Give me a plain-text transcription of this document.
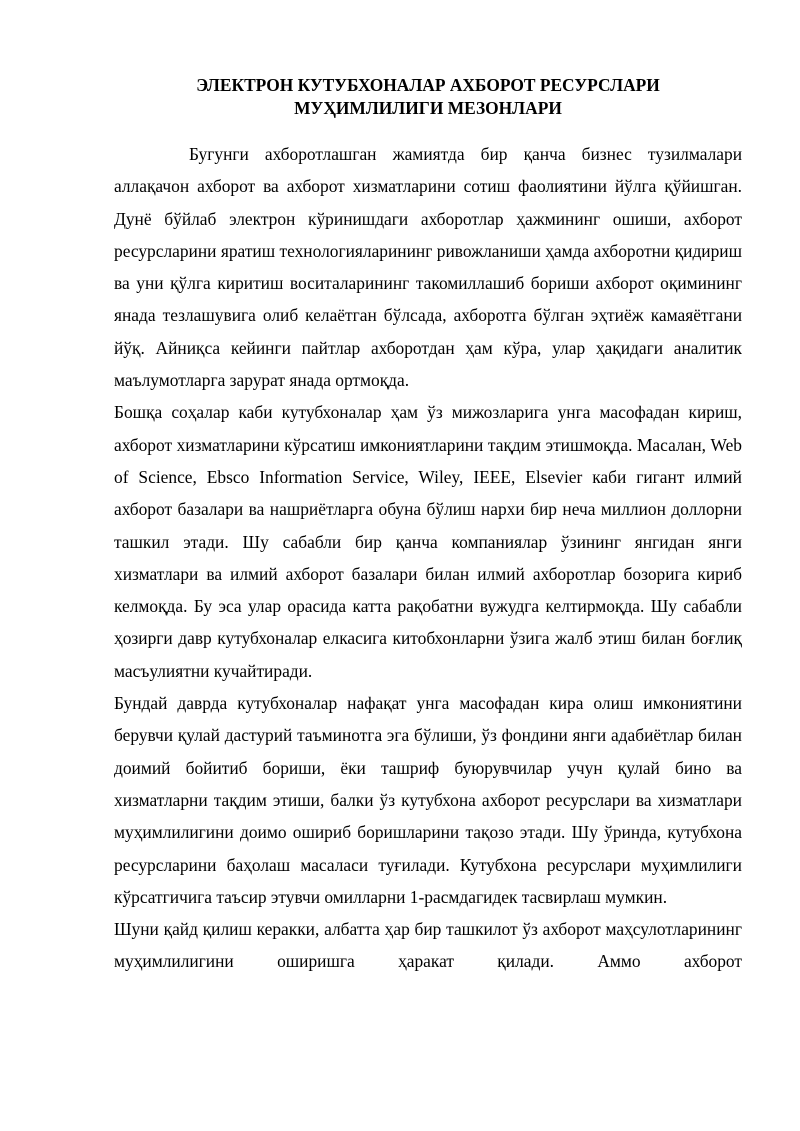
ЭЛЕКТРОН КУТУБХОНАЛАР АХБОРОТ РЕСУРСЛАРИ
МУҲИМЛИЛИГИ МЕЗОНЛАРИ

Бугунги ахборотлашган жамиятда бир қанча бизнес тузилмалари аллақачон ахборот ва ахборот хизматларини сотиш фаолиятини йўлга қўйишган. Дунё бўйлаб электрон кўринишдаги ахборотлар ҳажмининг ошиши, ахборот ресурсларини яратиш технологияларининг ривожланиши ҳамда ахборотни қидириш ва уни қўлга киритиш воситаларининг такомиллашиб бориши ахборот оқимининг янада тезлашувига олиб келаётган бўлсада, ахборотга бўлган эҳтиёж камаяётгани йўқ. Айниқса кейинги пайтлар ахборотдан ҳам кўра, улар ҳақидаги аналитик маълумотларга зарурат янада ортмоқда.

Бошқа соҳалар каби кутубхоналар ҳам ўз мижозларига унга масофадан кириш, ахборот хизматларини кўрсатиш имкониятларини тақдим этишмоқда. Масалан, Web of Science, Ebsco Information Service, Wiley, IEEE, Elsevier каби гигант илмий ахборот базалари ва нашриётларга обуна бўлиш нархи бир неча миллион доллорни ташкил этади. Шу сабабли бир қанча компаниялар ўзининг янгидан янги хизматлари ва илмий ахборот базалари билан илмий ахборотлар бозорига кириб келмоқда. Бу эса улар орасида катта рақобатни вужудга келтирмоқда. Шу сабабли ҳозирги давр кутубхоналар елкасига китобхонларни ўзига жалб этиш билан боғлиқ масъулиятни кучайтиради.

Бундай даврда кутубхоналар нафақат унга масофадан кира олиш имкониятини берувчи қулай дастурий таъминотга эга бўлиши, ўз фондини янги адабиётлар билан доимий бойитиб бориши, ёки ташриф буюрувчилар учун қулай бино ва хизматларни тақдим этиши, балки ўз кутубхона ахборот ресурслари ва хизматлари муҳимлилигини доимо ошириб боришларини тақозо этади. Шу ўринда, кутубхона ресурсларини баҳолаш масаласи туғилади. Кутубхона ресурслари муҳимлилиги кўрсатгичига таъсир этувчи омилларни 1-расмдагидек тасвирлаш мумкин.

Шуни қайд қилиш керакки, албатта ҳар бир ташкилот ўз ахборот маҳсулотларининг муҳимлилигини оширишга ҳаракат қилади. Аммо ахборот
